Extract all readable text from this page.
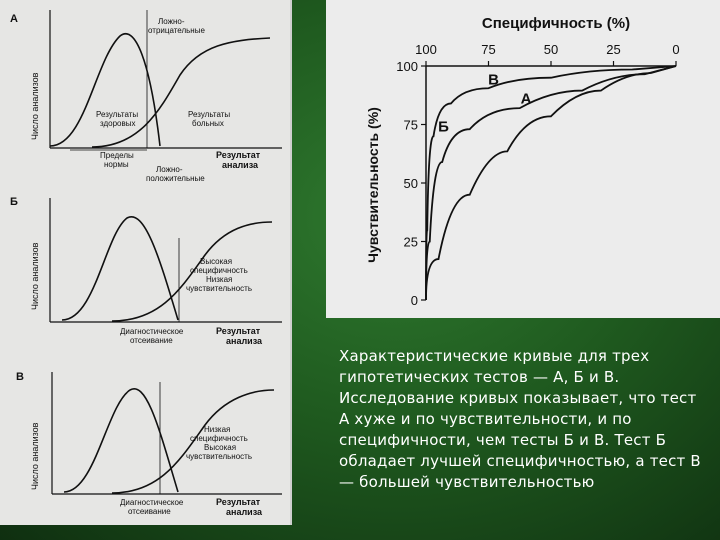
А
Число анализов
Ложно- отрицательные
Результаты здоровых
Результаты больных
Пределы нормы
Ложно- положительные
Результат анализа
Б
Число анализов	Высокая специфичность Низкая чувствительность
Диагностическое отсеивание
Результат анализа
В
Число анализов	Низкая специфичность Высокая чувствительность
Диагностическое отсеивание
Результат анализа
Специфичность (%)
Чувствительность (%)
100	75	50	25	0
100
75
50
25
0
А
Б
В
Характеристические кривые для трех гипотетических тестов — А, Б и В. Исследование кривых показывает, что тест А хуже и по чувствительности, и по специфичности, чем тесты Б и В. Тест Б обладает лучшей специфичностью, а тест В — большей чувствительностью
